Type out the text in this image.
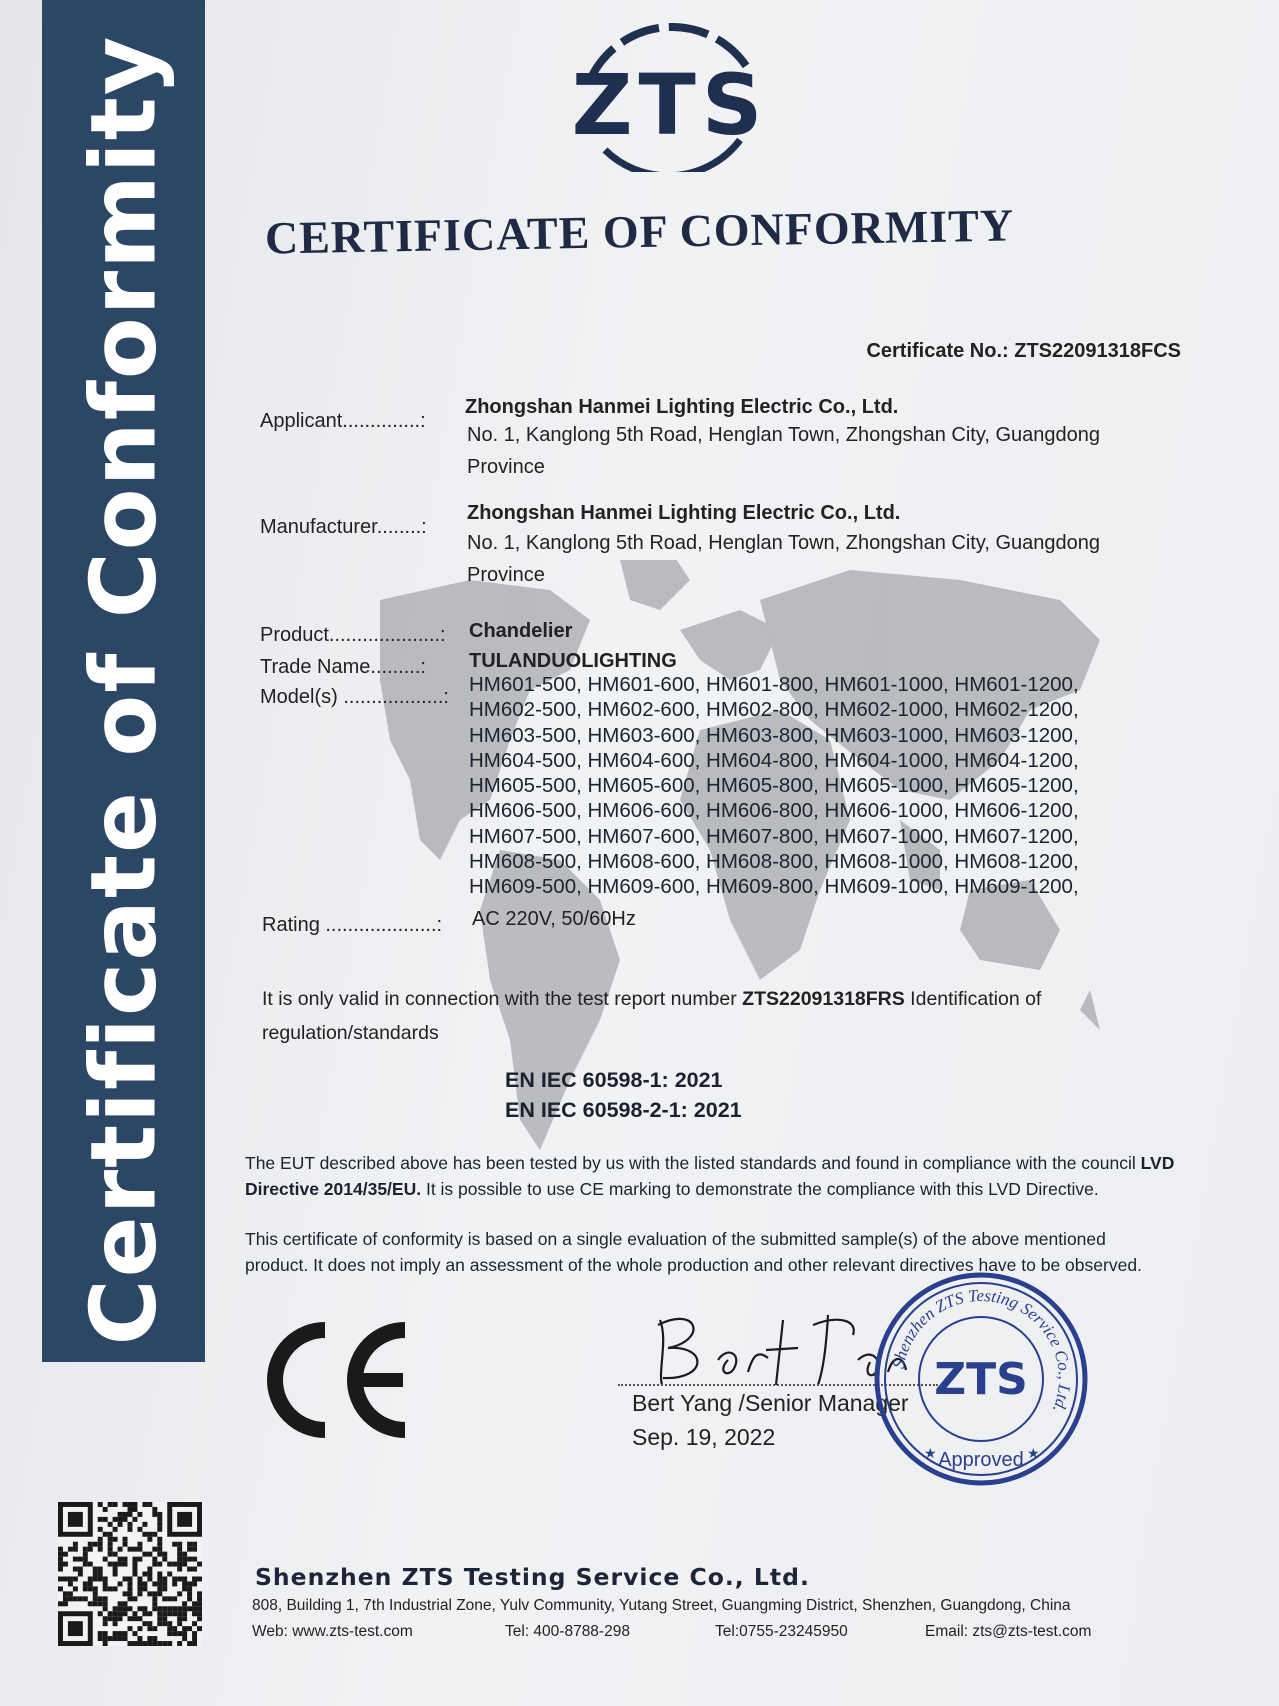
Certificate of Conformity	ZTS
CERTIFICATE OF CONFORMITY
Certificate No.: ZTS22091318FCS
Applicant..............:
Zhongshan Hanmei Lighting Electric Co., Ltd.
No. 1, Kanglong 5th Road, Henglan Town, Zhongshan City, Guangdong
Province
Manufacturer........:
Zhongshan Hanmei Lighting Electric Co., Ltd.
No. 1, Kanglong 5th Road, Henglan Town, Zhongshan City, Guangdong
Province
Product....................: Chandelier
Trade Name.........: TULANDUOLIGHTING
Model(s) ..................:
HM601-500, HM601-600, HM601-800, HM601-1000, HM601-1200,
HM602-500, HM602-600, HM602-800, HM602-1000, HM602-1200,
HM603-500, HM603-600, HM603-800, HM603-1000, HM603-1200,
HM604-500, HM604-600, HM604-800, HM604-1000, HM604-1200,
HM605-500, HM605-600, HM605-800, HM605-1000, HM605-1200,
HM606-500, HM606-600, HM606-800, HM606-1000, HM606-1200,
HM607-500, HM607-600, HM607-800, HM607-1000, HM607-1200,
HM608-500, HM608-600, HM608-800, HM608-1000, HM608-1200,
HM609-500, HM609-600, HM609-800, HM609-1000, HM609-1200,
Rating ....................: AC 220V, 50/60Hz
It is only valid in connection with the test report number ZTS22091318FRS Identification of
regulation/standards
EN IEC 60598-1: 2021
EN IEC 60598-2-1: 2021
The EUT described above has been tested by us with the listed standards and found in compliance with the council LVD Directive 2014/35/EU. It is possible to use CE marking to demonstrate the compliance with this LVD Directive.
This certificate of conformity is based on a single evaluation of the submitted sample(s) of the above mentioned
product. It does not imply an assessment of the whole production and other relevant directives have to be observed.
Bert Yang /Senior Manager
Sep. 19, 2022
Shenzhen ZTS Testing Service Co., Ltd.
ZTS
Approved
★	★
Shenzhen ZTS Testing Service Co., Ltd.
808, Building 1, 7th Industrial Zone, Yulv Community, Yutang Street, Guangming District, Shenzhen, Guangdong, China
Web: www.zts-test.com	Tel: 400-8788-298	Tel:0755-23245950	Email: zts@zts-test.com
